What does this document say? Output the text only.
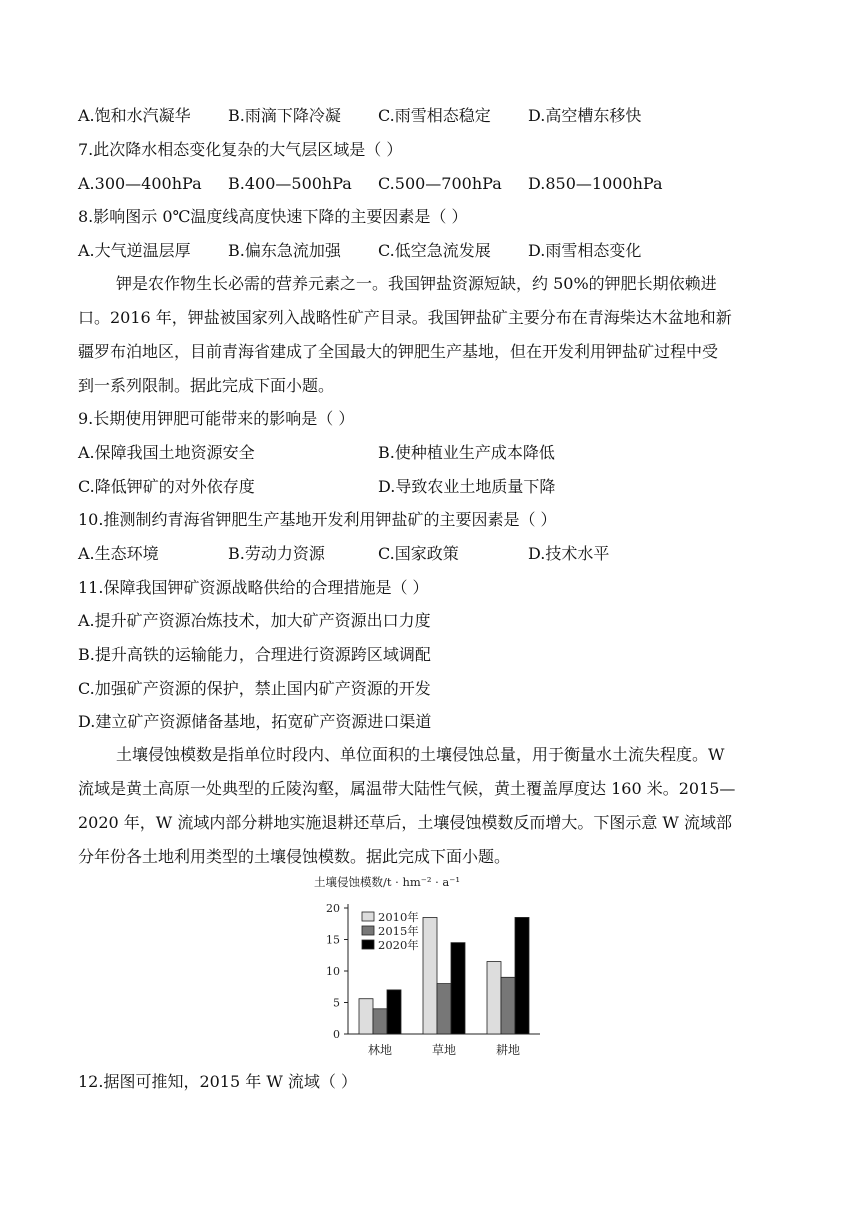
A.饱和水汽凝华 B.雨滴下降冷凝 C.雨雪相态稳定 D.高空槽东移快
7.此次降水相态变化复杂的大气层区域是（ ）
A.300—400hPa B.400—500hPa C.500—700hPa D.850—1000hPa
8.影响图示 0℃温度线高度快速下降的主要因素是（ ）
A.大气逆温层厚 B.偏东急流加强 C.低空急流发展 D.雨雪相态变化
钾是农作物生长必需的营养元素之一。我国钾盐资源短缺，约 50%的钾肥长期依赖进
口。2016 年，钾盐被国家列入战略性矿产目录。我国钾盐矿主要分布在青海柴达木盆地和新
疆罗布泊地区，目前青海省建成了全国最大的钾肥生产基地，但在开发利用钾盐矿过程中受
到一系列限制。据此完成下面小题。
9.长期使用钾肥可能带来的影响是（ ）
A.保障我国土地资源安全	B.使种植业生产成本降低
C.降低钾矿的对外依存度	D.导致农业土地质量下降
10.推测制约青海省钾肥生产基地开发利用钾盐矿的主要因素是（ ）
A.生态环境	B.劳动力资源	C.国家政策	D.技术水平
11.保障我国钾矿资源战略供给的合理措施是（ ）
A.提升矿产资源冶炼技术，加大矿产资源出口力度
B.提升高铁的运输能力，合理进行资源跨区域调配
C.加强矿产资源的保护，禁止国内矿产资源的开发
D.建立矿产资源储备基地，拓宽矿产资源进口渠道
土壤侵蚀模数是指单位时段内、单位面积的土壤侵蚀总量，用于衡量水土流失程度。W
流域是黄土高原一处典型的丘陵沟壑，属温带大陆性气候，黄土覆盖厚度达 160 米。2015—
2020 年，W 流域内部分耕地实施退耕还草后，土壤侵蚀模数反而增大。下图示意 W 流域部
分年份各土地利用类型的土壤侵蚀模数。据此完成下面小题。
土壤侵蚀模数/t · hm⁻² · a⁻¹
0
5
10
15
20
林地	草地	耕地
2010年
2015年
2020年
12.据图可推知，2015 年 W 流域（ ）
